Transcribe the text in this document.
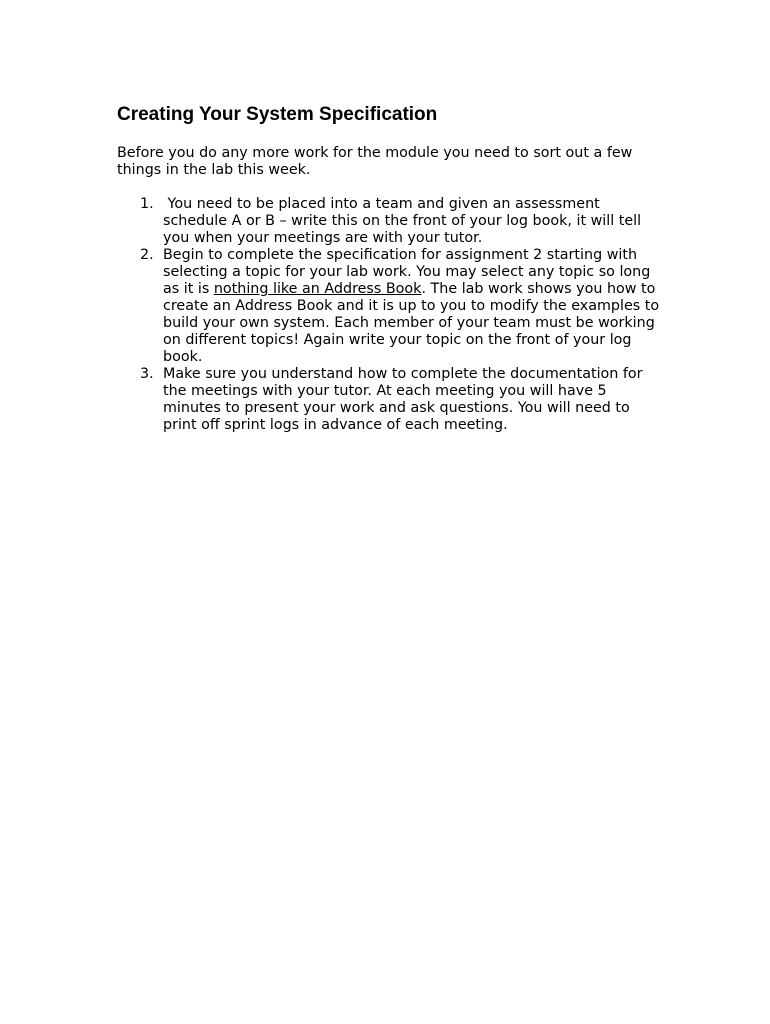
Creating Your System Specification

Before you do any more work for the module you need to sort out a few things in the lab this week.

1. You need to be placed into a team and given an assessment schedule A or B – write this on the front of your log book, it will tell you when your meetings are with your tutor.
2. Begin to complete the specification for assignment 2 starting with selecting a topic for your lab work. You may select any topic so long as it is nothing like an Address Book. The lab work shows you how to create an Address Book and it is up to you to modify the examples to build your own system. Each member of your team must be working on different topics! Again write your topic on the front of your log book.
3. Make sure you understand how to complete the documentation for the meetings with your tutor. At each meeting you will have 5 minutes to present your work and ask questions. You will need to print off sprint logs in advance of each meeting.
